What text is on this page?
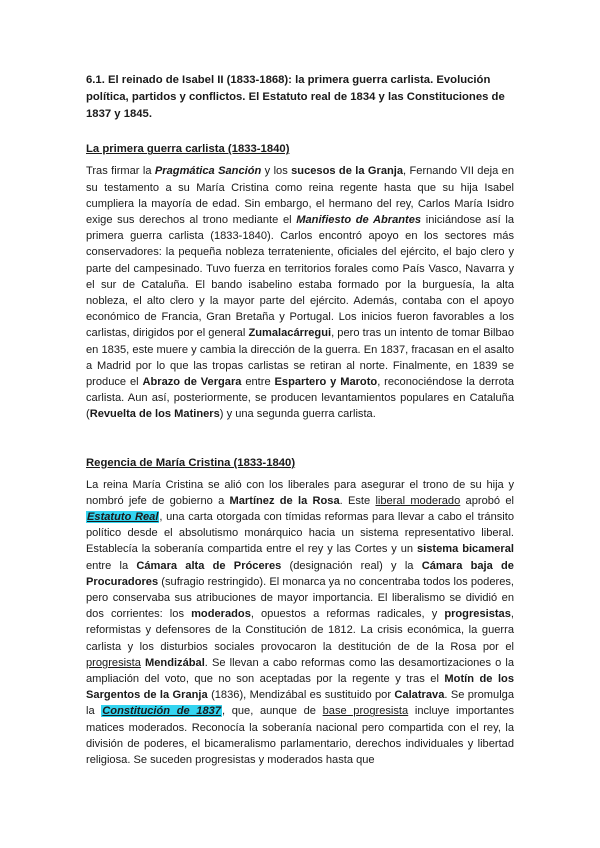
6.1. El reinado de Isabel II (1833-1868): la primera guerra carlista. Evolución política, partidos y conflictos. El Estatuto real de 1834 y las Constituciones de 1837 y 1845.

La primera guerra carlista (1833-1840)

Tras firmar la Pragmática Sanción y los sucesos de la Granja, Fernando VII deja en su testamento a su María Cristina como reina regente hasta que su hija Isabel cumpliera la mayoría de edad. Sin embargo, el hermano del rey, Carlos María Isidro exige sus derechos al trono mediante el Manifiesto de Abrantes iniciándose así la primera guerra carlista (1833-1840). Carlos encontró apoyo en los sectores más conservadores: la pequeña nobleza terrateniente, oficiales del ejército, el bajo clero y parte del campesinado. Tuvo fuerza en territorios forales como País Vasco, Navarra y el sur de Cataluña. El bando isabelino estaba formado por la burguesía, la alta nobleza, el alto clero y la mayor parte del ejército. Además, contaba con el apoyo económico de Francia, Gran Bretaña y Portugal. Los inicios fueron favorables a los carlistas, dirigidos por el general Zumalacárregui, pero tras un intento de tomar Bilbao en 1835, este muere y cambia la dirección de la guerra. En 1837, fracasan en el asalto a Madrid por lo que las tropas carlistas se retiran al norte. Finalmente, en 1839 se produce el Abrazo de Vergara entre Espartero y Maroto, reconociéndose la derrota carlista. Aun así, posteriormente, se producen levantamientos populares en Cataluña (Revuelta de los Matiners) y una segunda guerra carlista.

Regencia de María Cristina (1833-1840)

La reina María Cristina se alió con los liberales para asegurar el trono de su hija y nombró jefe de gobierno a Martínez de la Rosa. Este liberal moderado aprobó el Estatuto Real, una carta otorgada con tímidas reformas para llevar a cabo el tránsito político desde el absolutismo monárquico hacia un sistema representativo liberal. Establecía la soberanía compartida entre el rey y las Cortes y un sistema bicameral entre la Cámara alta de Próceres (designación real) y la Cámara baja de Procuradores (sufragio restringido). El monarca ya no concentraba todos los poderes, pero conservaba sus atribuciones de mayor importancia. El liberalismo se dividió en dos corrientes: los moderados, opuestos a reformas radicales, y progresistas, reformistas y defensores de la Constitución de 1812. La crisis económica, la guerra carlista y los disturbios sociales provocaron la destitución de de la Rosa por el progresista Mendizábal. Se llevan a cabo reformas como las desamortizaciones o la ampliación del voto, que no son aceptadas por la regente y tras el Motín de los Sargentos de la Granja (1836), Mendizábal es sustituido por Calatrava. Se promulga la Constitución de 1837, que, aunque de base progresista incluye importantes matices moderados. Reconocía la soberanía nacional pero compartida con el rey, la división de poderes, el bicameralismo parlamentario, derechos individuales y libertad religiosa. Se suceden progresistas y moderados hasta que
